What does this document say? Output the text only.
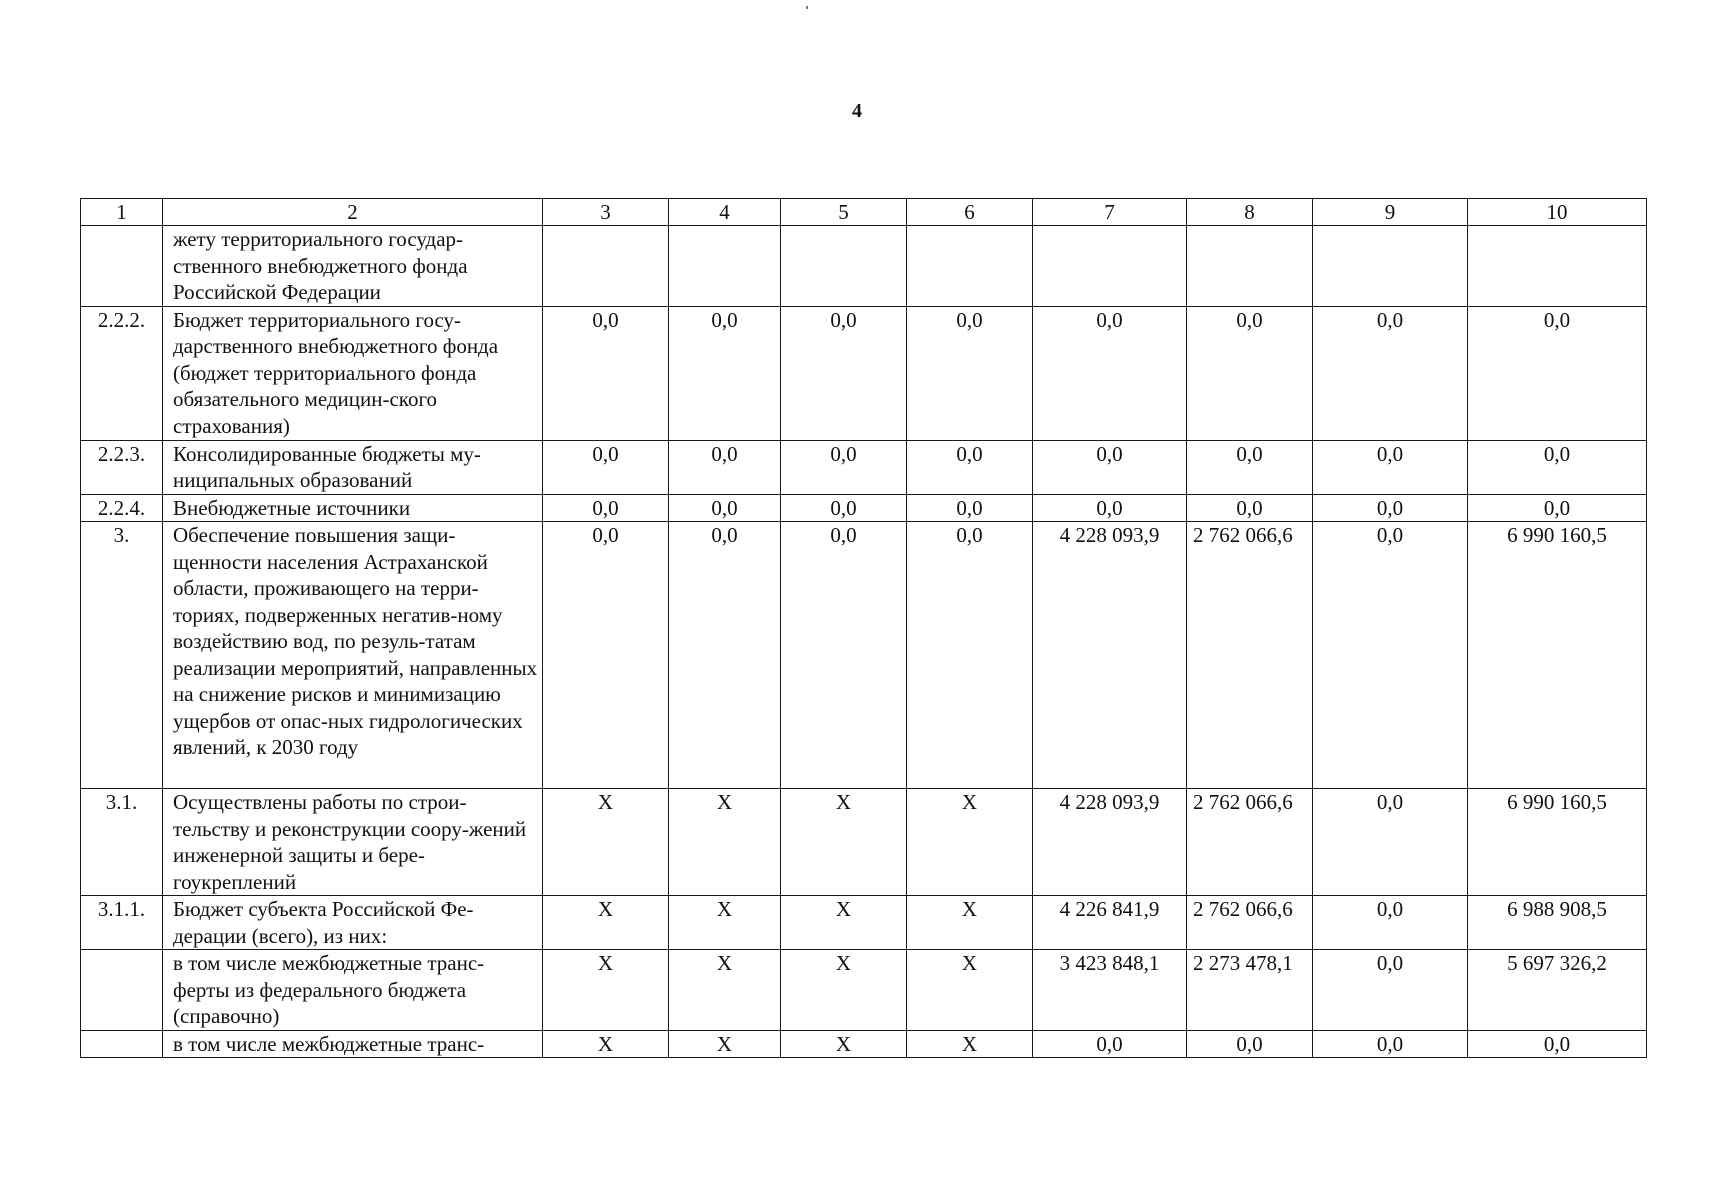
4
1	2	3	4	5	6	7	8	9	10
	жету территориального государ-ственного внебюджетного фонда Российской Федерации								
2.2.2.	Бюджет территориального госу-дарственного внебюджетного фонда (бюджет территориального фонда обязательного медицин-ского страхования)	0,0	0,0	0,0	0,0	0,0	0,0	0,0	0,0
2.2.3.	Консолидированные бюджеты му-ниципальных образований	0,0	0,0	0,0	0,0	0,0	0,0	0,0	0,0
2.2.4.	Внебюджетные источники	0,0	0,0	0,0	0,0	0,0	0,0	0,0	0,0
3.	Обеспечение повышения защи-щенности населения Астраханской области, проживающего на терри-ториях, подверженных негатив-ному воздействию вод, по резуль-татам реализации мероприятий, направленных на снижение рисков и минимизацию ущербов от опас-ных гидрологических явлений, к 2030 году	0,0	0,0	0,0	0,0	4 228 093,9	2 762 066,6	0,0	6 990 160,5
3.1.	Осуществлены работы по строи-тельству и реконструкции соору-жений инженерной защиты и бере-гоукреплений	Х	Х	Х	Х	4 228 093,9	2 762 066,6	0,0	6 990 160,5
3.1.1.	Бюджет субъекта Российской Фе-дерации (всего), из них:	Х	Х	Х	Х	4 226 841,9	2 762 066,6	0,0	6 988 908,5
	в том числе межбюджетные транс-ферты из федерального бюджета (справочно)	Х	Х	Х	Х	3 423 848,1	2 273 478,1	0,0	5 697 326,2
	в том числе межбюджетные транс-	Х	Х	Х	Х	0,0	0,0	0,0	0,0
